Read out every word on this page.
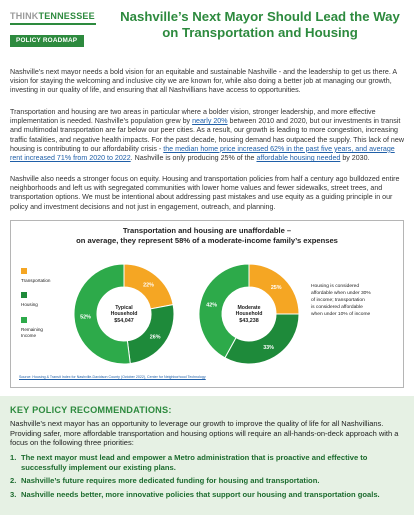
THINKTENNESSEE
POLICY ROADMAP
Nashville’s Next Mayor Should Lead the Way on Transportation and Housing

Nashville’s next mayor needs a bold vision for an equitable and sustainable Nashville - and the leadership to get us there. A vision for staying the welcoming and inclusive city we are known for, while also doing a better job at managing our growth, investing in our quality of life, and ensuring that all Nashvillians have access to opportunities.

Transportation and housing are two areas in particular where a bolder vision, stronger leadership, and more effective implementation is needed. Nashville’s population grew by nearly 20% between 2010 and 2020, but our investments in transit and multimodal transportation are far below our peer cities. As a result, our growth is leading to more congestion, increasing traffic fatalities, and negative health impacts. For the past decade, housing demand has outpaced the supply. This lack of new housing is contributing to our affordability crisis - the median home price increased 62% in the past five years, and average rent increased 71% from 2020 to 2022. Nashville is only producing 25% of the affordable housing needed by 2030.

Nashville also needs a stronger focus on equity. Housing and transportation policies from half a century ago bulldozed entire neighborhoods and left us with segregated communities with lower home values and fewer sidewalks, street trees, and transportation options. We must be intentional about addressing past mistakes and use equity as a guiding principle in our policy and investment decisions and not just in engagement, outreach, and planning.

Transportation and housing are unaffordable –
on average, they represent 58% of a moderate-income family’s expenses
Transportation
Housing
Remaining
Income
22%
26%
52%
Typical
Household
$54,047
25%
33%
42%	Moderate
Household
$43,238
Housing is considered
affordable when under 30%
of income; transportation
is considered affordable
when under 10% of income
Source: Housing & Transit Index for Nashville-Davidson County (October 2022), Center for Neighborhood Technology
KEY POLICY RECOMMENDATIONS:

Nashville’s next mayor has an opportunity to leverage our growth to improve the quality of life for all Nashvillians. Providing safer, more affordable transportation and housing options will require an all-hands-on-deck approach with a focus on the following three priorities:

1. The next mayor must lead and empower a Metro administration that is proactive and effective to successfully implement our existing plans.
2. Nashville’s future requires more dedicated funding for housing and transportation.
3. Nashville needs better, more innovative policies that support our housing and transportation goals.
